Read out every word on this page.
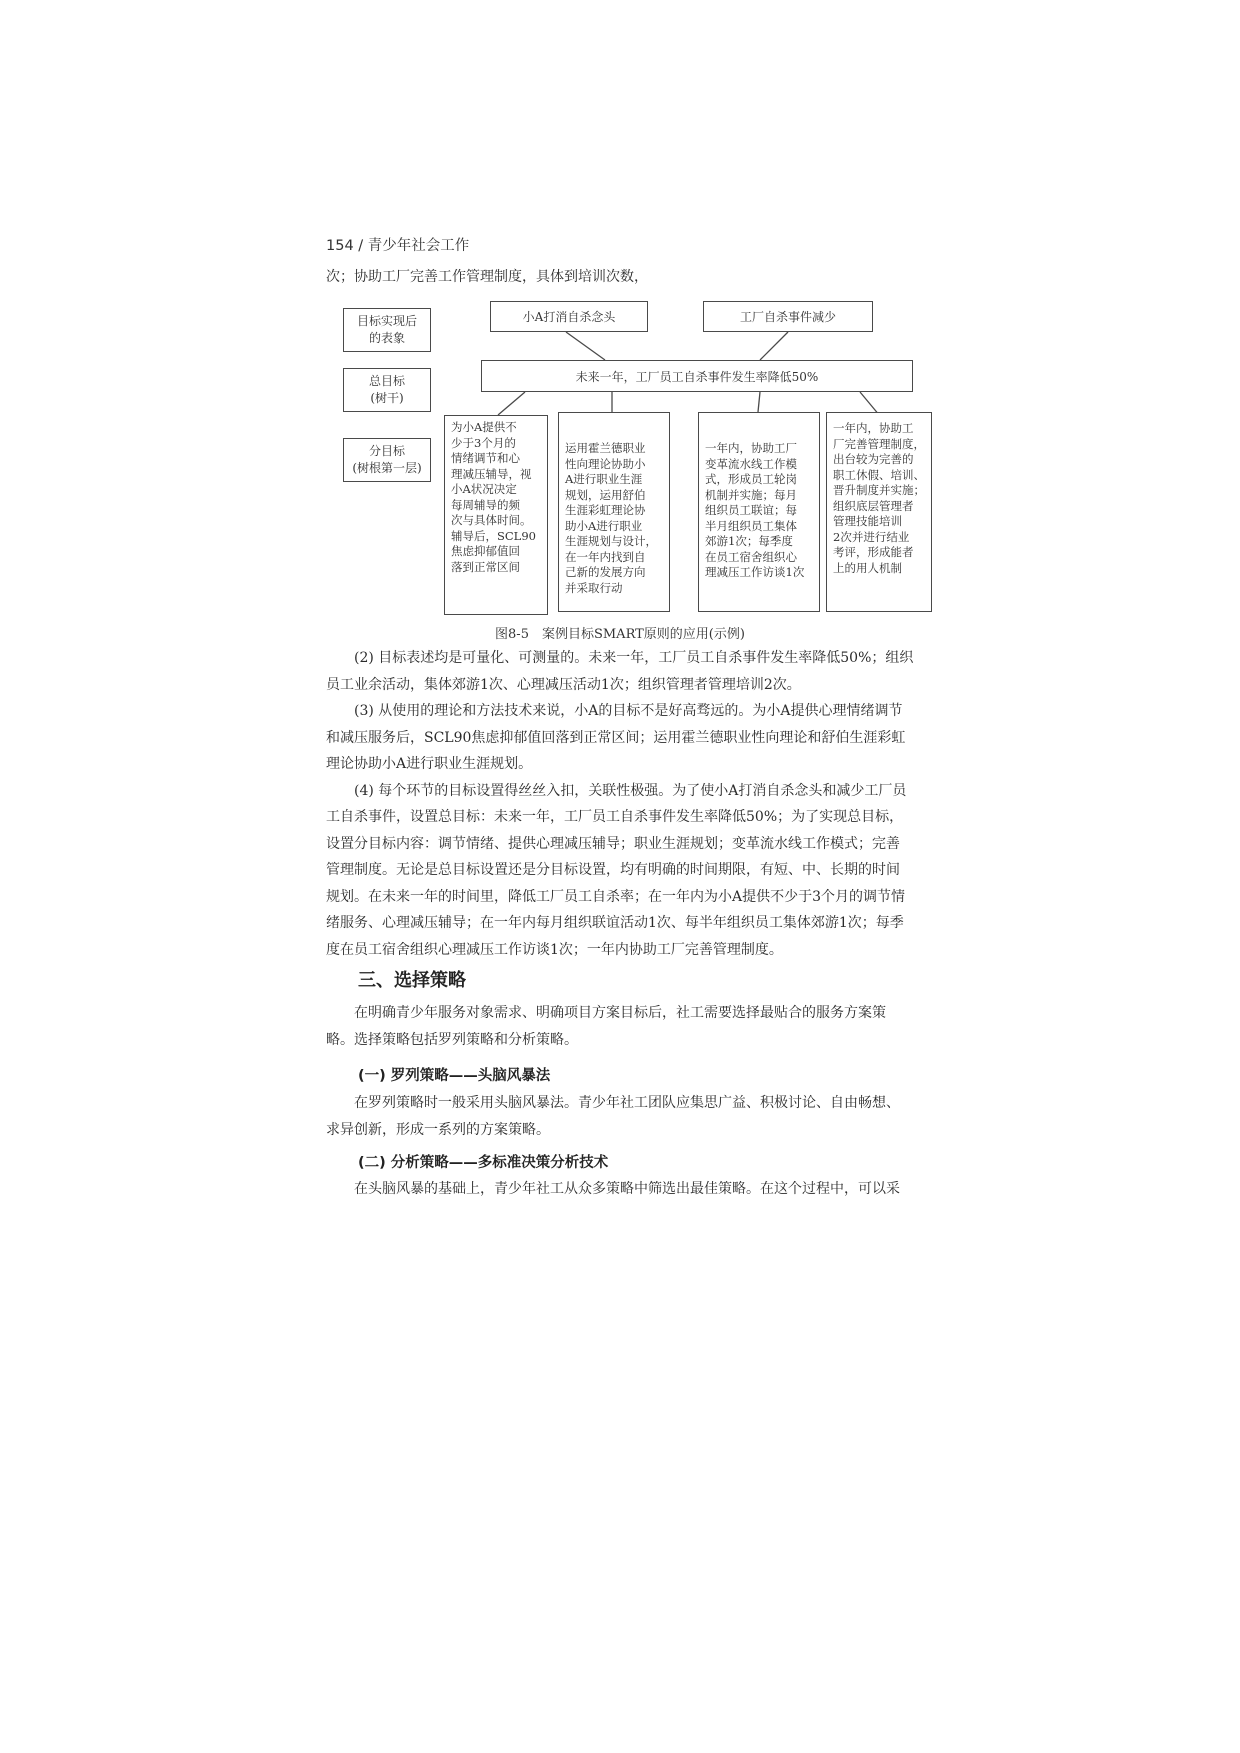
154 ∕ 青少年社会工作
次；协助工厂完善工作管理制度，具体到培训次数，
目标实现后
的表象
总目标
(树干)
分目标
(树根第一层)
小A打消自杀念头	工厂自杀事件减少
未来一年，工厂员工自杀事件发生率降低50%
为小A提供不
少于3个月的
情绪调节和心
理减压辅导，视
小A状况决定
每周辅导的频
次与具体时间。
辅导后，SCL90
焦虑抑郁值回
落到正常区间
运用霍兰德职业
性向理论协助小
A进行职业生涯
规划，运用舒伯
生涯彩虹理论协
助小A进行职业
生涯规划与设计，
在一年内找到自
己新的发展方向
并采取行动
一年内，协助工厂
变革流水线工作模
式，形成员工轮岗
机制并实施；每月
组织员工联谊；每
半月组织员工集体
郊游1次；每季度
在员工宿舍组织心
理减压工作访谈1次
一年内，协助工
厂完善管理制度，
出台较为完善的
职工休假、培训、
晋升制度并实施；
组织底层管理者
管理技能培训
2次并进行结业
考评，形成能者
上的用人机制
图8-5　案例目标SMART原则的应用(示例)
　　(2) 目标表述均是可量化、可测量的。未来一年，工厂员工自杀事件发生率降低50%；组织
员工业余活动，集体郊游1次、心理减压活动1次；组织管理者管理培训2次。
　　(3) 从使用的理论和方法技术来说，小A的目标不是好高骛远的。为小A提供心理情绪调节
和减压服务后，SCL90焦虑抑郁值回落到正常区间；运用霍兰德职业性向理论和舒伯生涯彩虹
理论协助小A进行职业生涯规划。
　　(4) 每个环节的目标设置得丝丝入扣，关联性极强。为了使小A打消自杀念头和减少工厂员
工自杀事件，设置总目标：未来一年，工厂员工自杀事件发生率降低50%；为了实现总目标，
设置分目标内容：调节情绪、提供心理减压辅导；职业生涯规划；变革流水线工作模式；完善
管理制度。无论是总目标设置还是分目标设置，均有明确的时间期限，有短、中、长期的时间
规划。在未来一年的时间里，降低工厂员工自杀率；在一年内为小A提供不少于3个月的调节情
绪服务、心理减压辅导；在一年内每月组织联谊活动1次、每半年组织员工集体郊游1次；每季
度在员工宿舍组织心理减压工作访谈1次；一年内协助工厂完善管理制度。
三、选择策略
　　在明确青少年服务对象需求、明确项目方案目标后，社工需要选择最贴合的服务方案策
略。选择策略包括罗列策略和分析策略。
(一) 罗列策略——头脑风暴法
　　在罗列策略时一般采用头脑风暴法。青少年社工团队应集思广益、积极讨论、自由畅想、
求异创新，形成一系列的方案策略。
(二) 分析策略——多标准决策分析技术
　　在头脑风暴的基础上，青少年社工从众多策略中筛选出最佳策略。在这个过程中，可以采
